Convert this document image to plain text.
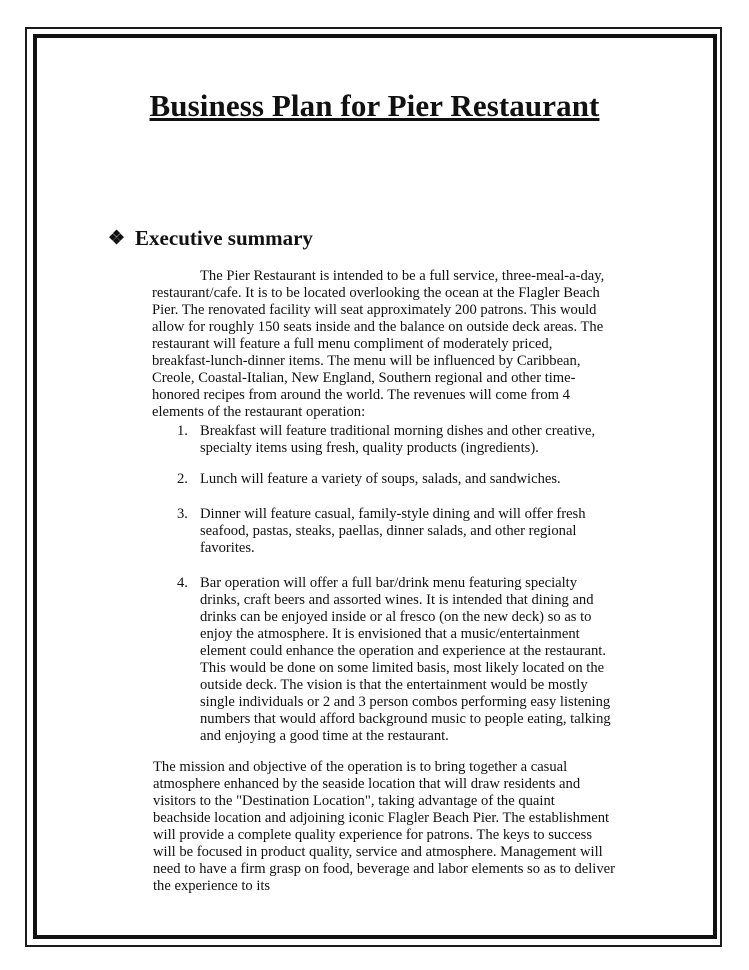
Business Plan for Pier Restaurant
❖ Executive summary

The Pier Restaurant is intended to be a full service, three-meal-a-day, restaurant/cafe. It is to be located overlooking the ocean at the Flagler Beach Pier. The renovated facility will seat approximately 200 patrons. This would allow for roughly 150 seats inside and the balance on outside deck areas. The restaurant will feature a full menu compliment of moderately priced, breakfast-lunch-dinner items. The menu will be influenced by Caribbean, Creole, Coastal-Italian, New England, Southern regional and other time-honored recipes from around the world. The revenues will come from 4 elements of the restaurant operation:

1. Breakfast will feature traditional morning dishes and other creative, specialty items using fresh, quality products (ingredients).
2. Lunch will feature a variety of soups, salads, and sandwiches.
3. Dinner will feature casual, family-style dining and will offer fresh seafood, pastas, steaks, paellas, dinner salads, and other regional favorites.
4. Bar operation will offer a full bar/drink menu featuring specialty drinks, craft beers and assorted wines. It is intended that dining and drinks can be enjoyed inside or al fresco (on the new deck) so as to enjoy the atmosphere. It is envisioned that a music/entertainment element could enhance the operation and experience at the restaurant. This would be done on some limited basis, most likely located on the outside deck. The vision is that the entertainment would be mostly single individuals or 2 and 3 person combos performing easy listening numbers that would afford background music to people eating, talking and enjoying a good time at the restaurant.

The mission and objective of the operation is to bring together a casual atmosphere enhanced by the seaside location that will draw residents and visitors to the "Destination Location", taking advantage of the quaint beachside location and adjoining iconic Flagler Beach Pier. The establishment will provide a complete quality experience for patrons. The keys to success will be focused in product quality, service and atmosphere. Management will need to have a firm grasp on food, beverage and labor elements so as to deliver the experience to its
